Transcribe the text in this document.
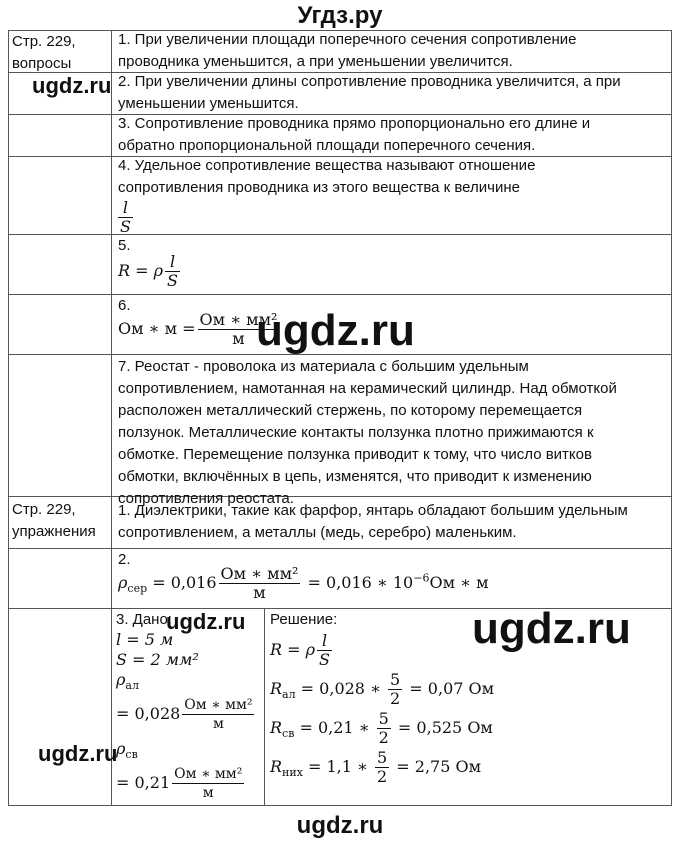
Угдз.ру
Стр. 229,
вопросы
Стр. 229,
упражнения
1. При увеличении площади поперечного сечения сопротивление
проводника уменьшится, а при уменьшении увеличится.
2. При увеличении длины сопротивление проводника увеличится, а при
уменьшении уменьшится.
3. Сопротивление проводника прямо пропорционально его длине и
обратно пропорциональной площади поперечного сечения.
4. Удельное сопротивление вещества называют отношение
сопротивления проводника из этого вещества к величине
$\frac{l}{S}$
5.
R = ρ $\frac{l}{S}$
6.
Ом ∗ $м = \frac{\text{Ом ∗ мм²}}{м}$
7. Реостат - проволока из материала с большим удельным
сопротивлением, намотанная на керамический цилиндр. Над обмоткой
расположен металлический стержень, по которому перемещается
ползунок. Металлические контакты ползунка плотно прижимаются к
обмотке. Перемещение ползунка приводит к тому, что число витков
обмотки, включённых в цепь, изменятся, что приводит к изменению
сопротивления реостата.
1. Диэлектрики, такие как фарфор, янтарь обладают большим удельным
сопротивлением, а металлы (медь, серебро) маленьким.
2.
$\rho_{сер} = 0,016 \frac{\text{Ом ∗ мм²}}{м} = 0,016$ ∗ $10^{-6}Ом$ ∗ м
3. Дано:
l = 5 м
S = 2 мм²
$\rho_{ал}$
= $0,028 \frac{\text{Ом ∗ мм²}}{м}$
$\rho_{св}$
= $0,21 \frac{\text{Ом ∗ мм²}}{м}$
Решение:
R = ρ $\frac{l}{S}$
$R_{ал} = 0,028$ ∗ $\frac{5}{2} = 0,07$ Ом
$R_{св} = 0,21$ ∗ $\frac{5}{2} = 0,525$ Ом
$R_{них} = 1,1$ ∗ $\frac{5}{2} = 2,75$ Ом
ugdz.ru
ugdz.ru
ugdz.ru	ugdz.ru
ugdz.ru
ugdz.ru
